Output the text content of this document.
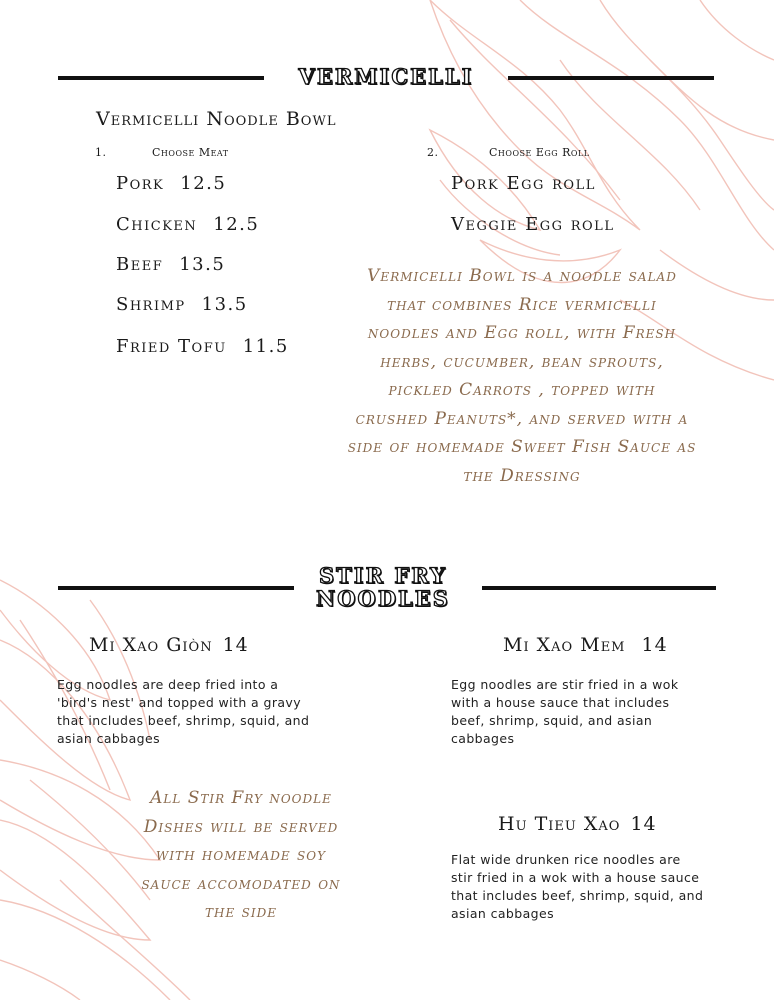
VERMICELLI
Vermicelli Noodle Bowl
1.	Choose Meat	2.	Choose Egg Roll
Pork 12.5
Chicken 12.5
Beef 13.5
Shrimp 13.5
Fried Tofu 11.5
Pork Egg roll
Veggie Egg roll
Vermicelli Bowl is a noodle salad
that combines Rice vermicelli
noodles and Egg roll, with Fresh
herbs, cucumber, bean sprouts,
pickled Carrots , topped with
crushed Peanuts*, and served with a
side of homemade Sweet Fish Sauce as
the Dressing
STIR FRY
NOODLES
Mi Xao Giòn 14
Egg noodles are deep fried into a
'bird's nest' and topped with a gravy
that includes beef, shrimp, squid, and
asian cabbages
Mi Xao Mem 14
Egg noodles are stir fried in a wok
with a house sauce that includes
beef, shrimp, squid, and asian
cabbages
All Stir Fry noodle
Dishes will be served
with homemade soy
sauce accomodated on
the side
Hu Tieu Xao 14
Flat wide drunken rice noodles are
stir fried in a wok with a house sauce
that includes beef, shrimp, squid, and
asian cabbages
